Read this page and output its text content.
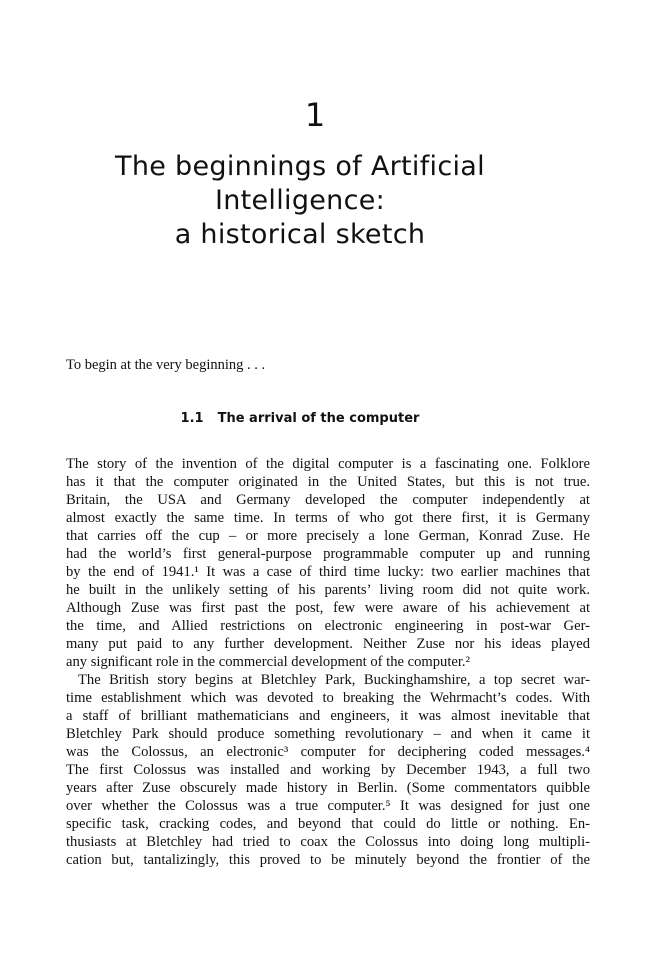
1
The beginnings of Artificial
Intelligence:
a historical sketch
To begin at the very beginning . . .
1.1 The arrival of the computer
The story of the invention of the digital computer is a fascinating one. Folklore
has it that the computer originated in the United States, but this is not true.
Britain, the USA and Germany developed the computer independently at
almost exactly the same time. In terms of who got there first, it is Germany
that carries off the cup – or more precisely a lone German, Konrad Zuse. He
had the world’s first general-purpose programmable computer up and running
by the end of 1941.¹ It was a case of third time lucky: two earlier machines that
he built in the unlikely setting of his parents’ living room did not quite work.
Although Zuse was first past the post, few were aware of his achievement at
the time, and Allied restrictions on electronic engineering in post-war Ger-
many put paid to any further development. Neither Zuse nor his ideas played
any significant role in the commercial development of the computer.²
The British story begins at Bletchley Park, Buckinghamshire, a top secret war-
time establishment which was devoted to breaking the Wehrmacht’s codes. With
a staff of brilliant mathematicians and engineers, it was almost inevitable that
Bletchley Park should produce something revolutionary – and when it came it
was the Colossus, an electronic³ computer for deciphering coded messages.⁴
The first Colossus was installed and working by December 1943, a full two
years after Zuse obscurely made history in Berlin. (Some commentators quibble
over whether the Colossus was a true computer.⁵ It was designed for just one
specific task, cracking codes, and beyond that could do little or nothing. En-
thusiasts at Bletchley had tried to coax the Colossus into doing long multipli-
cation but, tantalizingly, this proved to be minutely beyond the frontier of the
